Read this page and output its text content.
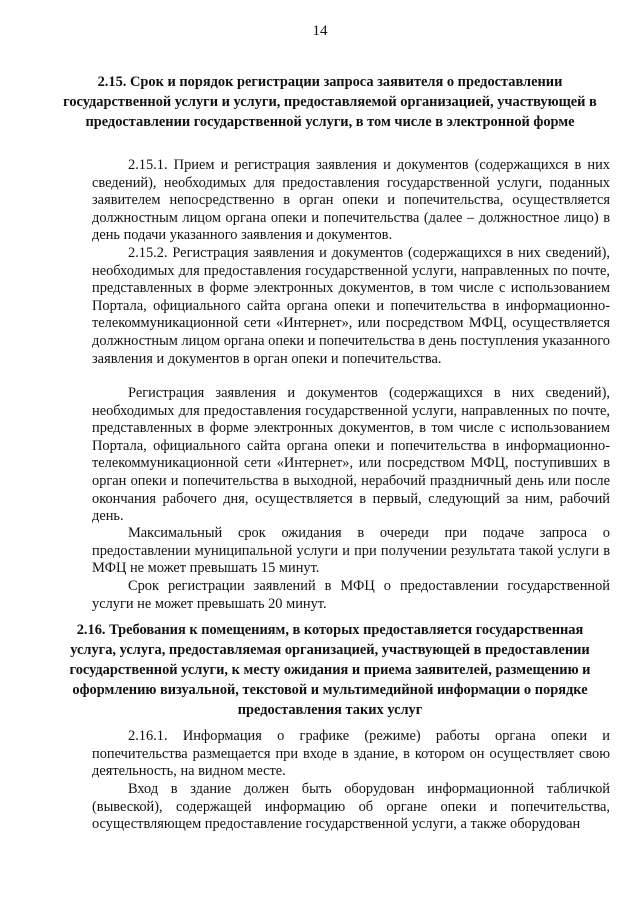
14
2.15. Срок и порядок регистрации запроса заявителя о предоставлении государственной услуги и услуги, предоставляемой организацией, участвующей в предоставлении государственной услуги, в том числе в электронной форме

2.15.1. Прием и регистрация заявления и документов (содержащихся в них сведений), необходимых для предоставления государственной услуги, поданных заявителем непосредственно в орган опеки и попечительства, осуществляется должностным лицом органа опеки и попечительства (далее – должностное лицо) в день подачи указанного заявления и документов.

2.15.2. Регистрация заявления и документов (содержащихся в них сведений), необходимых для предоставления государственной услуги, направленных по почте, представленных в форме электронных документов, в том числе с использованием Портала, официального сайта органа опеки и попечительства в информационно-телекоммуникационной сети «Интернет», или посредством МФЦ, осуществляется должностным лицом органа опеки и попечительства в день поступления указанного заявления и документов в орган опеки и попечительства.

Регистрация заявления и документов (содержащихся в них сведений), необходимых для предоставления государственной услуги, направленных по почте, представленных в форме электронных документов, в том числе с использованием Портала, официального сайта органа опеки и попечительства в информационно-телекоммуникационной сети «Интернет», или посредством МФЦ, поступивших в орган опеки и попечительства в выходной, нерабочий праздничный день или после окончания рабочего дня, осуществляется в первый, следующий за ним, рабочий день.

Максимальный срок ожидания в очереди при подаче запроса о предоставлении муниципальной услуги и при получении результата такой услуги в МФЦ не может превышать 15 минут.

Срок регистрации заявлений в МФЦ о предоставлении государственной услуги не может превышать 20 минут.

2.16. Требования к помещениям, в которых предоставляется государственная услуга, услуга, предоставляемая организацией, участвующей в предоставлении государственной услуги, к месту ожидания и приема заявителей, размещению и оформлению визуальной, текстовой и мультимедийной информации о порядке предоставления таких услуг

2.16.1. Информация о графике (режиме) работы органа опеки и попечительства размещается при входе в здание, в котором он осуществляет свою деятельность, на видном месте.

Вход в здание должен быть оборудован информационной табличкой (вывеской), содержащей информацию об органе опеки и попечительства, осуществляющем предоставление государственной услуги, а также оборудован
